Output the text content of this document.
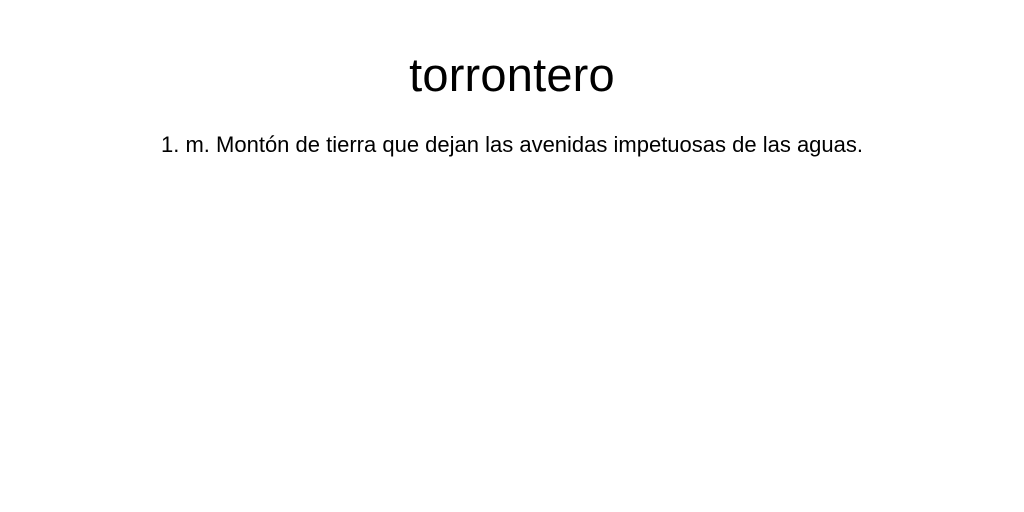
torrontero

1. m. Montón de tierra que dejan las avenidas impetuosas de las aguas.
